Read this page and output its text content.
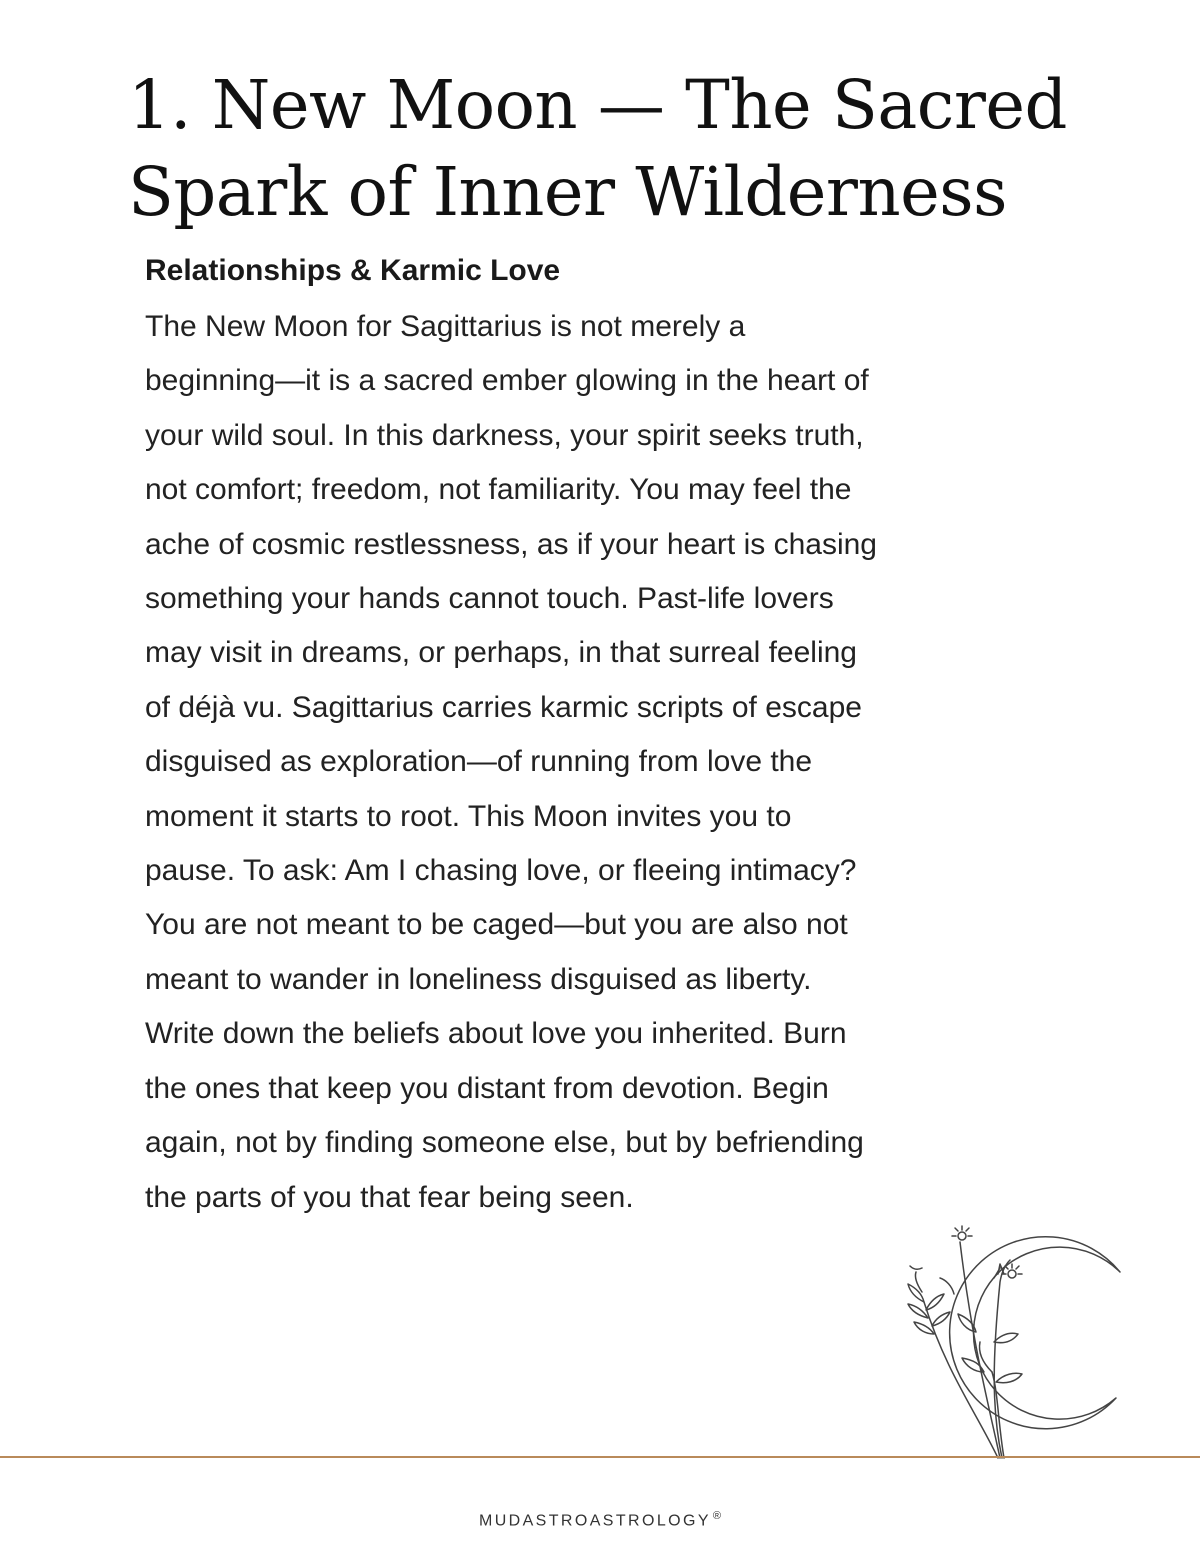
1. New Moon — The Sacred
Spark of Inner Wilderness
Relationships & Karmic Love
The New Moon for Sagittarius is not merely a
beginning—it is a sacred ember glowing in the heart of
your wild soul. In this darkness, your spirit seeks truth,
not comfort; freedom, not familiarity. You may feel the
ache of cosmic restlessness, as if your heart is chasing
something your hands cannot touch. Past-life lovers
may visit in dreams, or perhaps, in that surreal feeling
of déjà vu. Sagittarius carries karmic scripts of escape
disguised as exploration—of running from love the
moment it starts to root. This Moon invites you to
pause. To ask: Am I chasing love, or fleeing intimacy?
You are not meant to be caged—but you are also not
meant to wander in loneliness disguised as liberty.
Write down the beliefs about love you inherited. Burn
the ones that keep you distant from devotion. Begin
again, not by finding someone else, but by befriending
the parts of you that fear being seen.
MUDASTROASTROLOGY ®
